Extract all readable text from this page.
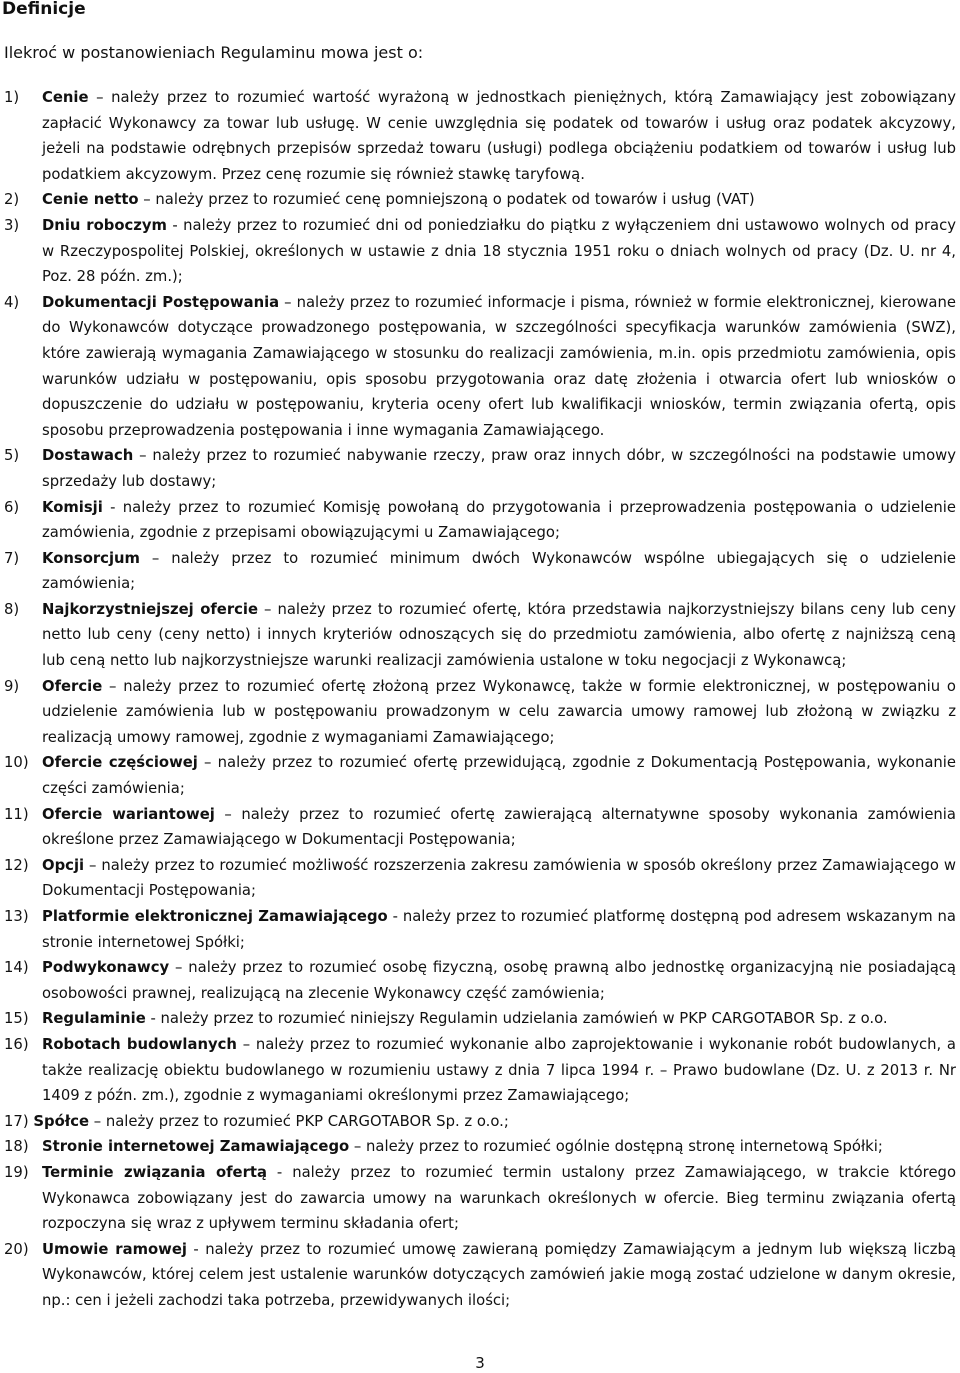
Definicje
Ilekroć w postanowieniach Regulaminu mowa jest o:
1) Cenie – należy przez to rozumieć wartość wyrażoną w jednostkach pieniężnych, którą Zamawiający jest zobowiązany zapłacić Wykonawcy za towar lub usługę. W cenie uwzględnia się podatek od towarów i usług oraz podatek akcyzowy, jeżeli na podstawie odrębnych przepisów sprzedaż towaru (usługi) podlega obciążeniu podatkiem od towarów i usług lub podatkiem akcyzowym. Przez cenę rozumie się również stawkę taryfową.
2) Cenie netto – należy przez to rozumieć cenę pomniejszoną o podatek od towarów i usług (VAT)
3) Dniu roboczym - należy przez to rozumieć dni od poniedziałku do piątku z wyłączeniem dni ustawowo wolnych od pracy w Rzeczypospolitej Polskiej, określonych w ustawie z dnia 18 stycznia 1951 roku o dniach wolnych od pracy (Dz. U. nr 4, Poz. 28 późn. zm.);
4) Dokumentacji Postępowania – należy przez to rozumieć informacje i pisma, również w formie elektronicznej, kierowane do Wykonawców dotyczące prowadzonego postępowania, w szczególności specyfikacja warunków zamówienia (SWZ), które zawierają wymagania Zamawiającego w stosunku do realizacji zamówienia, m.in. opis przedmiotu zamówienia, opis warunków udziału w postępowaniu, opis sposobu przygotowania oraz datę złożenia i otwarcia ofert lub wniosków o dopuszczenie do udziału w postępowaniu, kryteria oceny ofert lub kwalifikacji wniosków, termin związania ofertą, opis sposobu przeprowadzenia postępowania i inne wymagania Zamawiającego.
5) Dostawach – należy przez to rozumieć nabywanie rzeczy, praw oraz innych dóbr, w szczególności na podstawie umowy sprzedaży lub dostawy;
6) Komisji - należy przez to rozumieć Komisję powołaną do przygotowania i przeprowadzenia postępowania o udzielenie zamówienia, zgodnie z przepisami obowiązującymi u Zamawiającego;
7) Konsorcjum – należy przez to rozumieć minimum dwóch Wykonawców wspólne ubiegających się o udzielenie zamówienia;
8) Najkorzystniejszej ofercie – należy przez to rozumieć ofertę, która przedstawia najkorzystniejszy bilans ceny lub ceny netto lub ceny (ceny netto) i innych kryteriów odnoszących się do przedmiotu zamówienia, albo ofertę z najniższą ceną lub ceną netto lub najkorzystniejsze warunki realizacji zamówienia ustalone w toku negocjacji z Wykonawcą;
9) Ofercie – należy przez to rozumieć ofertę złożoną przez Wykonawcę, także w formie elektronicznej, w postępowaniu o udzielenie zamówienia lub w postępowaniu prowadzonym w celu zawarcia umowy ramowej lub złożoną w związku z realizacją umowy ramowej, zgodnie z wymaganiami Zamawiającego;
10) Ofercie częściowej – należy przez to rozumieć ofertę przewidującą, zgodnie z Dokumentacją Postępowania, wykonanie części zamówienia;
11) Ofercie wariantowej – należy przez to rozumieć ofertę zawierającą alternatywne sposoby wykonania zamówienia określone przez Zamawiającego w Dokumentacji Postępowania;
12) Opcji – należy przez to rozumieć możliwość rozszerzenia zakresu zamówienia w sposób określony przez Zamawiającego w Dokumentacji Postępowania;
13) Platformie elektronicznej Zamawiającego - należy przez to rozumieć platformę dostępną pod adresem wskazanym na stronie internetowej Spółki;
14) Podwykonawcy – należy przez to rozumieć osobę fizyczną, osobę prawną albo jednostkę organizacyjną nie posiadającą osobowości prawnej, realizującą na zlecenie Wykonawcy część zamówienia;
15) Regulaminie - należy przez to rozumieć niniejszy Regulamin udzielania zamówień w PKP CARGOTABOR Sp. z o.o.
16) Robotach budowlanych – należy przez to rozumieć wykonanie albo zaprojektowanie i wykonanie robót budowlanych, a także realizację obiektu budowlanego w rozumieniu ustawy z dnia 7 lipca 1994 r. – Prawo budowlane (Dz. U. z 2013 r. Nr 1409 z późn. zm.), zgodnie z wymaganiami określonymi przez Zamawiającego;
17) Spółce – należy przez to rozumieć PKP CARGOTABOR Sp. z o.o.;
18) Stronie internetowej Zamawiającego – należy przez to rozumieć ogólnie dostępną stronę internetową Spółki;
19) Terminie związania ofertą - należy przez to rozumieć termin ustalony przez Zamawiającego, w trakcie którego Wykonawca zobowiązany jest do zawarcia umowy na warunkach określonych w ofercie. Bieg terminu związania ofertą rozpoczyna się wraz z upływem terminu składania ofert;
20) Umowie ramowej - należy przez to rozumieć umowę zawieraną pomiędzy Zamawiającym a jednym lub większą liczbą Wykonawców, której celem jest ustalenie warunków dotyczących zamówień jakie mogą zostać udzielone w danym okresie, np.: cen i jeżeli zachodzi taka potrzeba, przewidywanych ilości;
3
